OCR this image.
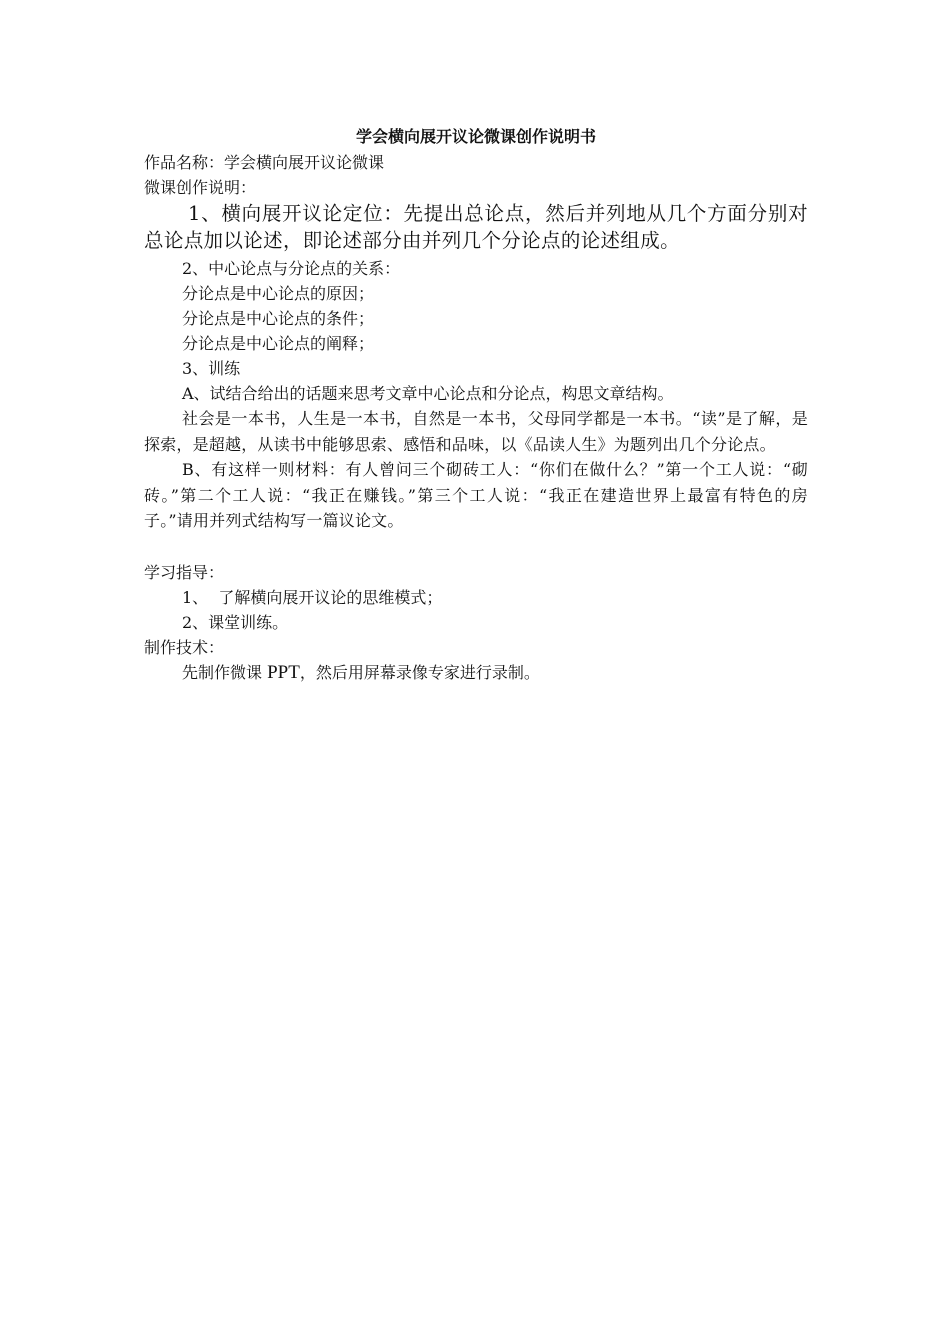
学会横向展开议论微课创作说明书

作品名称：学会横向展开议论微课

微课创作说明：

1、横向展开议论定位：先提出总论点，然后并列地从几个方面分别对总论点加以论述，即论述部分由并列几个分论点的论述组成。

2、中心论点与分论点的关系：

分论点是中心论点的原因；

分论点是中心论点的条件；

分论点是中心论点的阐释；

3、训练

A、试结合给出的话题来思考文章中心论点和分论点，构思文章结构。

社会是一本书，人生是一本书，自然是一本书，父母同学都是一本书。“读”是了解，是探索，是超越，从读书中能够思索、感悟和品味，以《品读人生》为题列出几个分论点。

B、有这样一则材料：有人曾问三个砌砖工人：“你们在做什么？”第一个工人说：“砌砖。”第二个工人说：“我正在赚钱。”第三个工人说：“我正在建造世界上最富有特色的房子。”请用并列式结构写一篇议论文。

学习指导：

1、  了解横向展开议论的思维模式；

2、课堂训练。

制作技术：

先制作微课 PPT，然后用屏幕录像专家进行录制。
